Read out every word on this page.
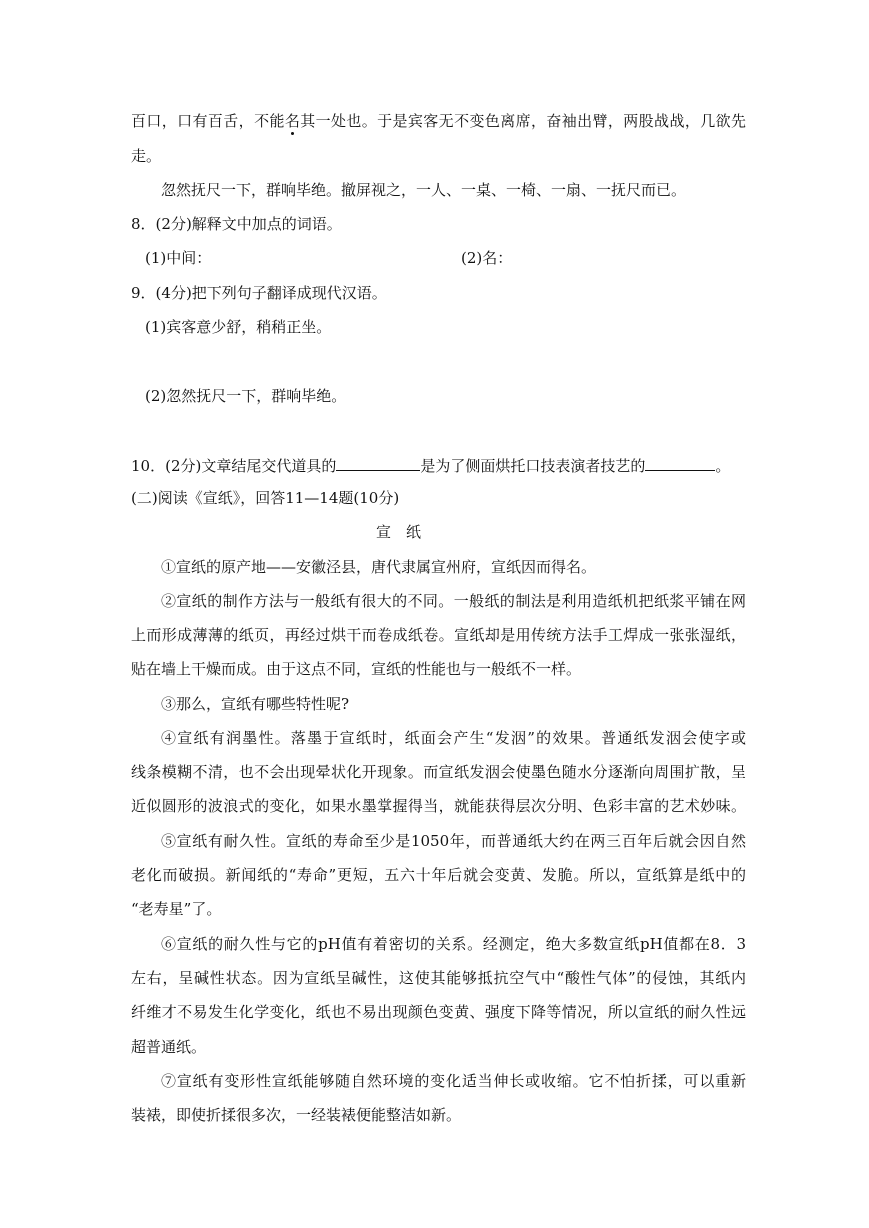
百口，口有百舌，不能名其一处也。于是宾客无不变色离席，奋袖出臂，两股战战，几欲先

走。

忽然抚尺一下，群响毕绝。撤屏视之，一人、一桌、一椅、一扇、一抚尺而已。

8．(2分)解释文中加点的词语。

(1)中间：	(2)名：

9．(4分)把下列句子翻译成现代汉语。

(1)宾客意少舒，稍稍正坐。

(2)忽然抚尺一下，群响毕绝。

10．(2分)文章结尾交代道具的	是为了侧面烘托口技表演者技艺的	。

(二)阅读《宣纸》，回答11—14题(10分)

宣　纸

①宣纸的原产地——安徽泾县，唐代隶属宣州府，宣纸因而得名。

②宣纸的制作方法与一般纸有很大的不同。一般纸的制法是利用造纸机把纸浆平铺在网

上而形成薄薄的纸页，再经过烘干而卷成纸卷。宣纸却是用传统方法手工焊成一张张湿纸，

贴在墙上干燥而成。由于这点不同，宣纸的性能也与一般纸不一样。

③那么，宣纸有哪些特性呢?

④宣纸有润墨性。落墨于宣纸时，纸面会产生“发洇”的效果。普通纸发洇会使字或

线条模糊不清，也不会出现晕状化开现象。而宣纸发洇会使墨色随水分逐渐向周围扩散，呈

近似圆形的波浪式的变化，如果水墨掌握得当，就能获得层次分明、色彩丰富的艺术妙味。

⑤宣纸有耐久性。宣纸的寿命至少是1050年，而普通纸大约在两三百年后就会因自然

老化而破损。新闻纸的“寿命”更短，五六十年后就会变黄、发脆。所以，宣纸算是纸中的

“老寿星”了。

⑥宣纸的耐久性与它的pH值有着密切的关系。经测定，绝大多数宣纸pH值都在8．3

左右，呈碱性状态。因为宣纸呈碱性，这使其能够抵抗空气中“酸性气体”的侵蚀，其纸内

纤维才不易发生化学变化，纸也不易出现颜色变黄、强度下降等情况，所以宣纸的耐久性远

超普通纸。

⑦宣纸有变形性宣纸能够随自然环境的变化适当伸长或收缩。它不怕折揉，可以重新

装裱，即使折揉很多次，一经装裱便能整洁如新。
